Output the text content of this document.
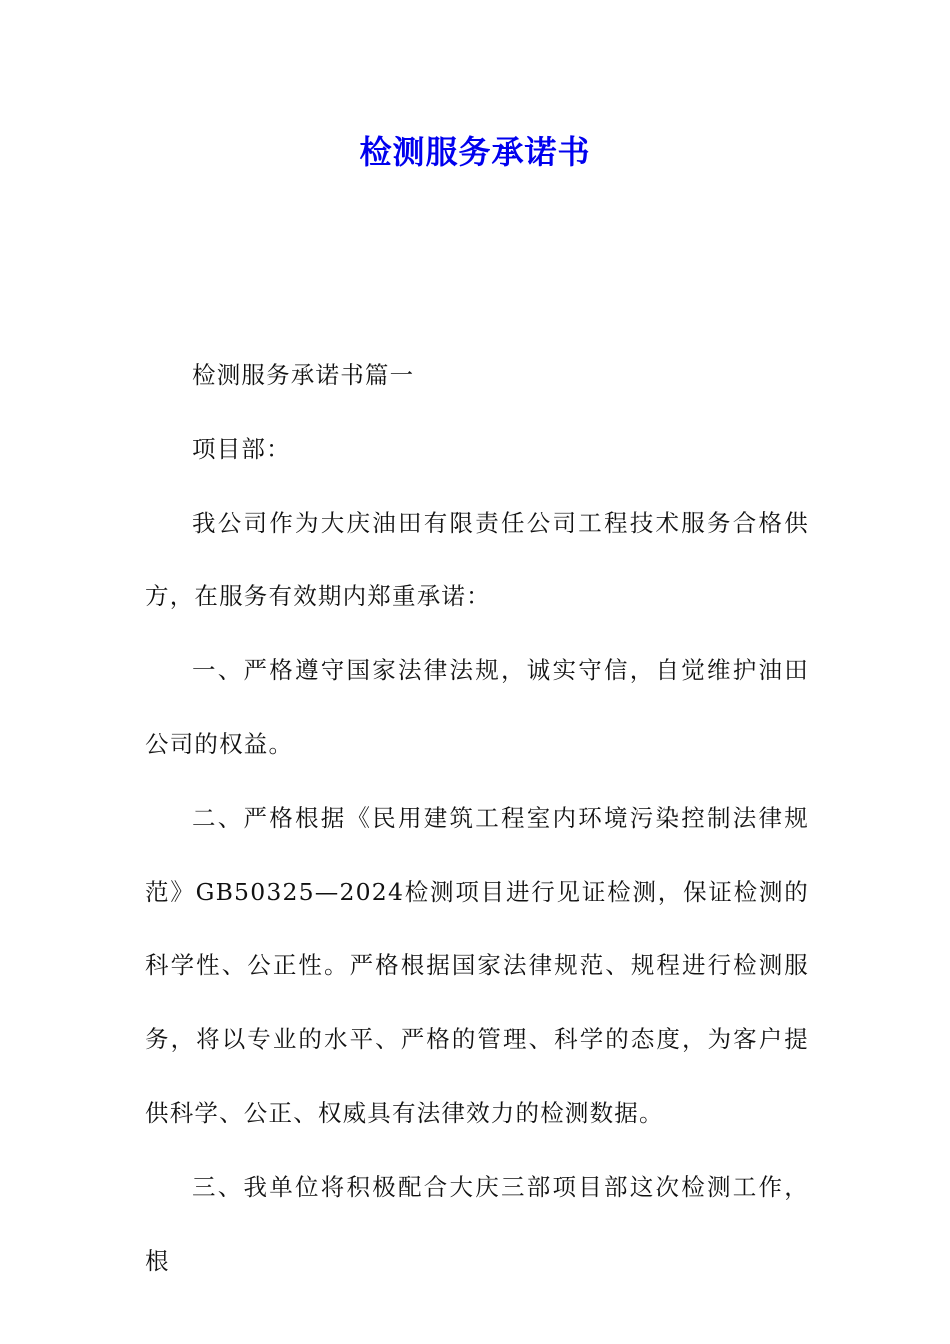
检测服务承诺书

检测服务承诺书篇一

项目部：

我公司作为大庆油田有限责任公司工程技术服务合格供方，在服务有效期内郑重承诺：

一、严格遵守国家法律法规，诚实守信，自觉维护油田公司的权益。

二、严格根据《民用建筑工程室内环境污染控制法律规范》GB50325—2024检测项目进行见证检测，保证检测的科学性、公正性。严格根据国家法律规范、规程进行检测服务，将以专业的水平、严格的管理、科学的态度，为客户提供科学、公正、权威具有法律效力的检测数据。

三、我单位将积极配合大庆三部项目部这次检测工作，根
